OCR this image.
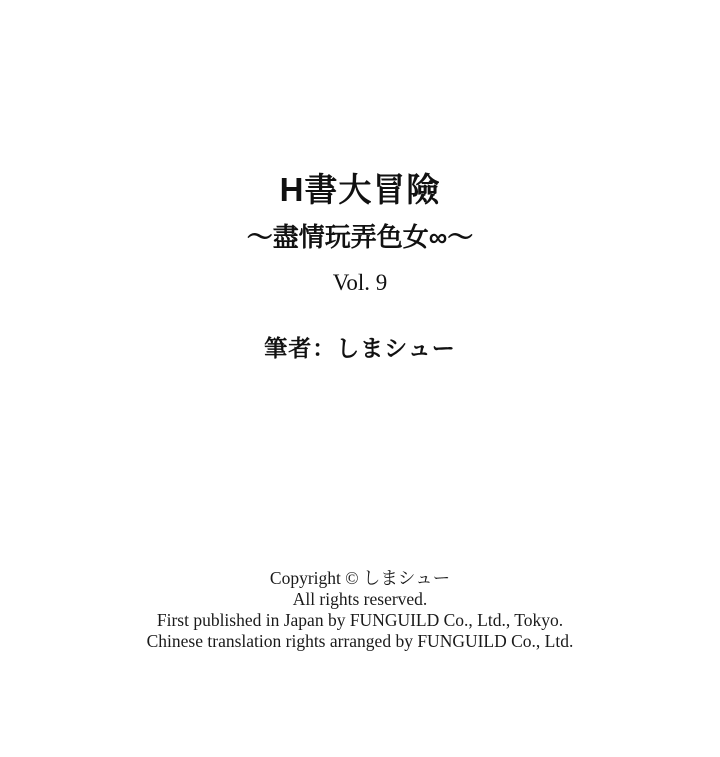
H書大冒險
～盡情玩弄色女∞～
Vol. 9
筆者：しまシュー
Copyright © しまシュー
All rights reserved.
First published in Japan by FUNGUILD Co., Ltd., Tokyo.
Chinese translation rights arranged by FUNGUILD Co., Ltd.
